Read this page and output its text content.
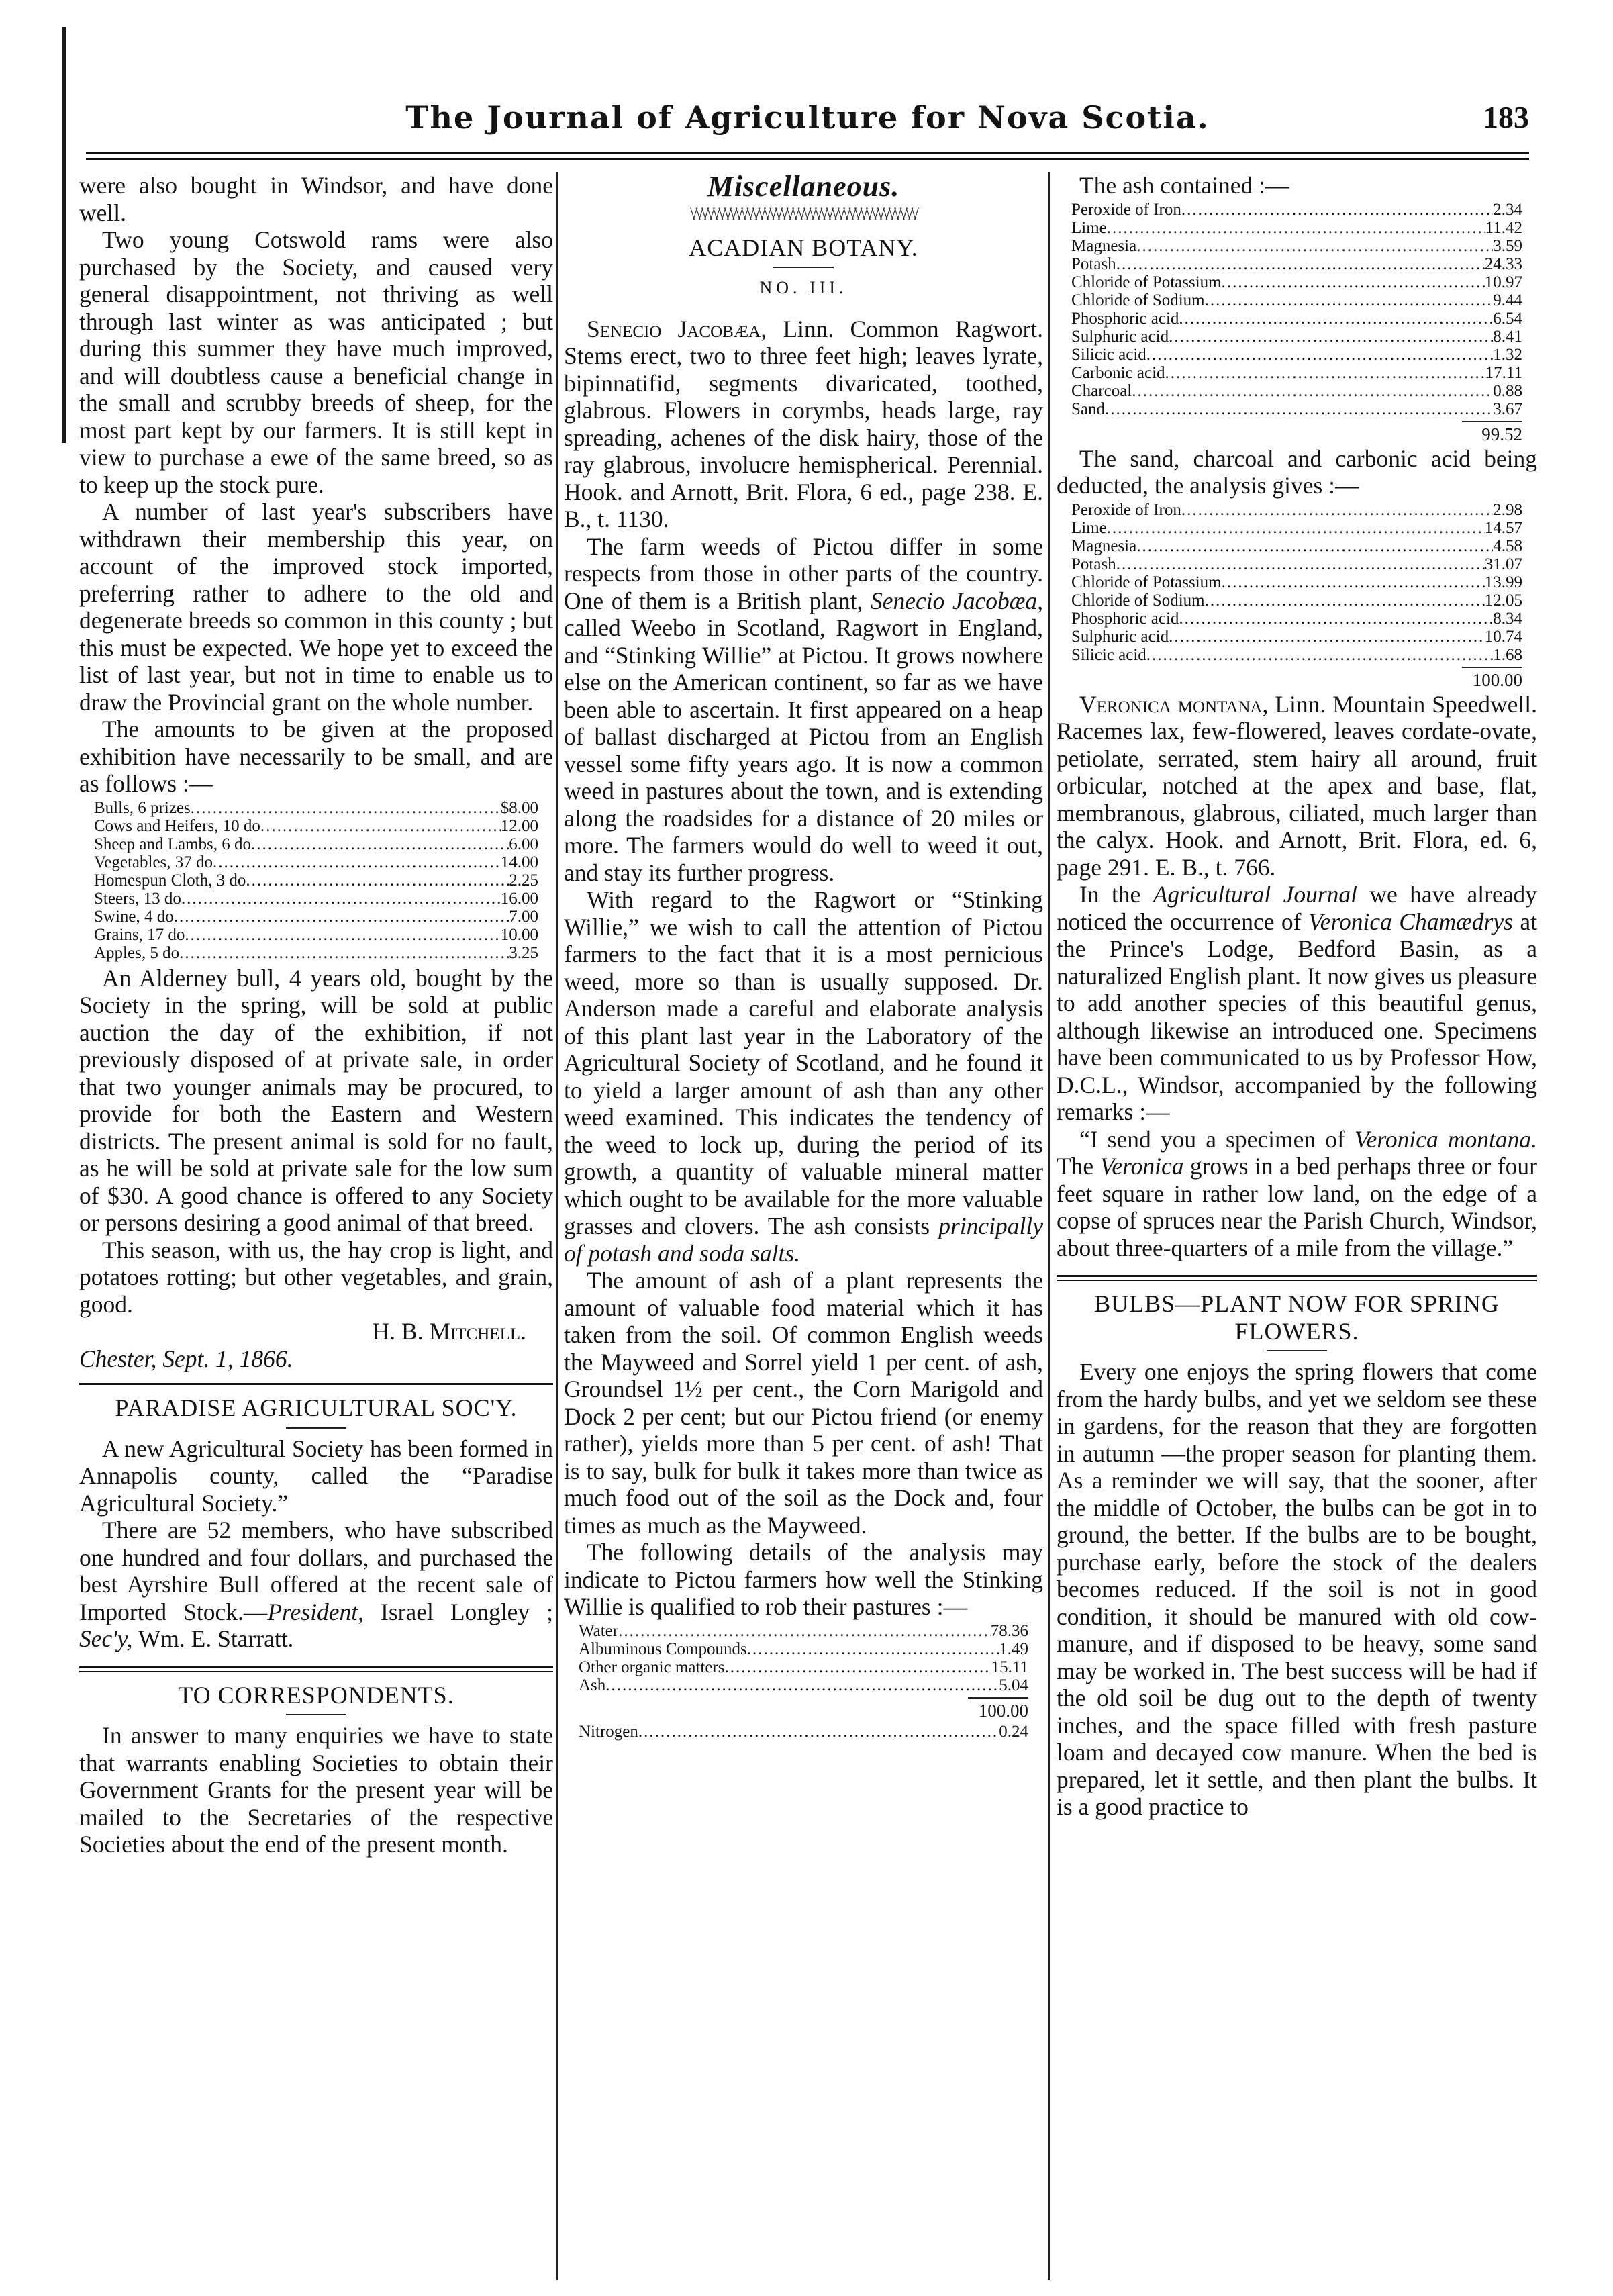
The Journal of Agriculture for Nova Scotia.	183

were also bought in Windsor, and have done well.

Two young Cotswold rams were also purchased by the Society, and caused very general disappointment, not thriving as well through last winter as was anticipated ; but during this summer they have much improved, and will doubtless cause a beneficial change in the small and scrubby breeds of sheep, for the most part kept by our farmers. It is still kept in view to purchase a ewe of the same breed, so as to keep up the stock pure.

A number of last year's subscribers have withdrawn their membership this year, on account of the improved stock imported, preferring rather to adhere to the old and degenerate breeds so common in this county ; but this must be expected. We hope yet to exceed the list of last year, but not in time to enable us to draw the Provincial grant on the whole number.

The amounts to be given at the proposed exhibition have necessarily to be small, and are as follows :—

Bulls, 6 prizes .....	$8.00
Cows and Heifers, 10 do .....	12.00
Sheep and Lambs, 6 do .....	6.00
Vegetables, 37 do .....	14.00
Homespun Cloth, 3 do .....	2.25
Steers, 13 do .....	16.00
Swine, 4 do .....	7.00
Grains, 17 do .....	10.00
Apples, 5 do .....	3.25

An Alderney bull, 4 years old, bought by the Society in the spring, will be sold at public auction the day of the exhibition, if not previously disposed of at private sale, in order that two younger animals may be procured, to provide for both the Eastern and Western districts. The present animal is sold for no fault, as he will be sold at private sale for the low sum of $30. A good chance is offered to any Society or persons desiring a good animal of that breed.

This season, with us, the hay crop is light, and potatoes rotting; but other vegetables, and grain, good.

H. B. Mitchell.

Chester, Sept. 1, 1866.

PARADISE AGRICULTURAL SOC'Y.

A new Agricultural Society has been formed in Annapolis county, called the “Paradise Agricultural Society.”

There are 52 members, who have subscribed one hundred and four dollars, and purchased the best Ayrshire Bull offered at the recent sale of Imported Stock.—President, Israel Longley ; Sec'y, Wm. E. Starratt.

TO CORRESPONDENTS.

In answer to many enquiries we have to state that warrants enabling Societies to obtain their Government Grants for the present year will be mailed to the Secretaries of the respective Societies about the end of the present month.

Miscellaneous.
\/\/\/\/\/\/\/\/\/\/\/\/\/\/\/\/\/\/\/\/\/\/\/\/\/\/\/\/\/\/\/\/\/\/\/\/\/\/\/\/
ACADIAN BOTANY.
NO. III.

Senecio Jacobæa, Linn. Common Ragwort. Stems erect, two to three feet high; leaves lyrate, bipinnatifid, segments divaricated, toothed, glabrous. Flowers in corymbs, heads large, ray spreading, achenes of the disk hairy, those of the ray glabrous, involucre hemispherical. Perennial. Hook. and Arnott, Brit. Flora, 6 ed., page 238. E. B., t. 1130.

The farm weeds of Pictou differ in some respects from those in other parts of the country. One of them is a British plant, Senecio Jacobæa, called Weebo in Scotland, Ragwort in England, and “Stinking Willie” at Pictou. It grows nowhere else on the American continent, so far as we have been able to ascertain. It first appeared on a heap of ballast discharged at Pictou from an English vessel some fifty years ago. It is now a common weed in pastures about the town, and is extending along the roadsides for a distance of 20 miles or more. The farmers would do well to weed it out, and stay its further progress.

With regard to the Ragwort or “Stinking Willie,” we wish to call the attention of Pictou farmers to the fact that it is a most pernicious weed, more so than is usually supposed. Dr. Anderson made a careful and elaborate analysis of this plant last year in the Laboratory of the Agricultural Society of Scotland, and he found it to yield a larger amount of ash than any other weed examined. This indicates the tendency of the weed to lock up, during the period of its growth, a quantity of valuable mineral matter which ought to be available for the more valuable grasses and clovers. The ash consists principally of potash and soda salts.

The amount of ash of a plant represents the amount of valuable food material which it has taken from the soil. Of common English weeds the Mayweed and Sorrel yield 1 per cent. of ash, Groundsel 1½ per cent., the Corn Marigold and Dock 2 per cent; but our Pictou friend (or enemy rather), yields more than 5 per cent. of ash! That is to say, bulk for bulk it takes more than twice as much food out of the soil as the Dock and, four times as much as the Mayweed.

The following details of the analysis may indicate to Pictou farmers how well the Stinking Willie is qualified to rob their pastures :—

Water .....	78.36
Albuminous Compounds .....	1.49
Other organic matters .....	15.11
Ash .....	5.04
100.00
Nitrogen .....	0.24

The ash contained :—

Peroxide of Iron .....	2.34
Lime .....	11.42
Magnesia .....	3.59
Potash .....	24.33
Chloride of Potassium .....	10.97
Chloride of Sodium .....	9.44
Phosphoric acid .....	6.54
Sulphuric acid .....	8.41
Silicic acid .....	1.32
Carbonic acid .....	17.11
Charcoal .....	0.88
Sand .....	3.67
99.52

The sand, charcoal and carbonic acid being deducted, the analysis gives :—

Peroxide of Iron .....	2.98
Lime .....	14.57
Magnesia .....	4.58
Potash .....	31.07
Chloride of Potassium .....	13.99
Chloride of Sodium .....	12.05
Phosphoric acid .....	8.34
Sulphuric acid .....	10.74
Silicic acid .....	1.68
100.00

Veronica montana, Linn. Mountain Speedwell. Racemes lax, few-flowered, leaves cordate-ovate, petiolate, serrated, stem hairy all around, fruit orbicular, notched at the apex and base, flat, membranous, glabrous, ciliated, much larger than the calyx. Hook. and Arnott, Brit. Flora, ed. 6, page 291. E. B., t. 766.

In the Agricultural Journal we have already noticed the occurrence of Veronica Chamædrys at the Prince's Lodge, Bedford Basin, as a naturalized English plant. It now gives us pleasure to add another species of this beautiful genus, although likewise an introduced one. Specimens have been communicated to us by Professor How, D.C.L., Windsor, accompanied by the following remarks :—

“I send you a specimen of Veronica montana. The Veronica grows in a bed perhaps three or four feet square in rather low land, on the edge of a copse of spruces near the Parish Church, Windsor, about three-quarters of a mile from the village.”

BULBS—PLANT NOW FOR SPRING FLOWERS.

Every one enjoys the spring flowers that come from the hardy bulbs, and yet we seldom see these in gardens, for the reason that they are forgotten in autumn —the proper season for planting them. As a reminder we will say, that the sooner, after the middle of October, the bulbs can be got in to ground, the better. If the bulbs are to be bought, purchase early, before the stock of the dealers becomes reduced. If the soil is not in good condition, it should be manured with old cow-manure, and if disposed to be heavy, some sand may be worked in. The best success will be had if the old soil be dug out to the depth of twenty inches, and the space filled with fresh pasture loam and decayed cow manure. When the bed is prepared, let it settle, and then plant the bulbs. It is a good practice to
